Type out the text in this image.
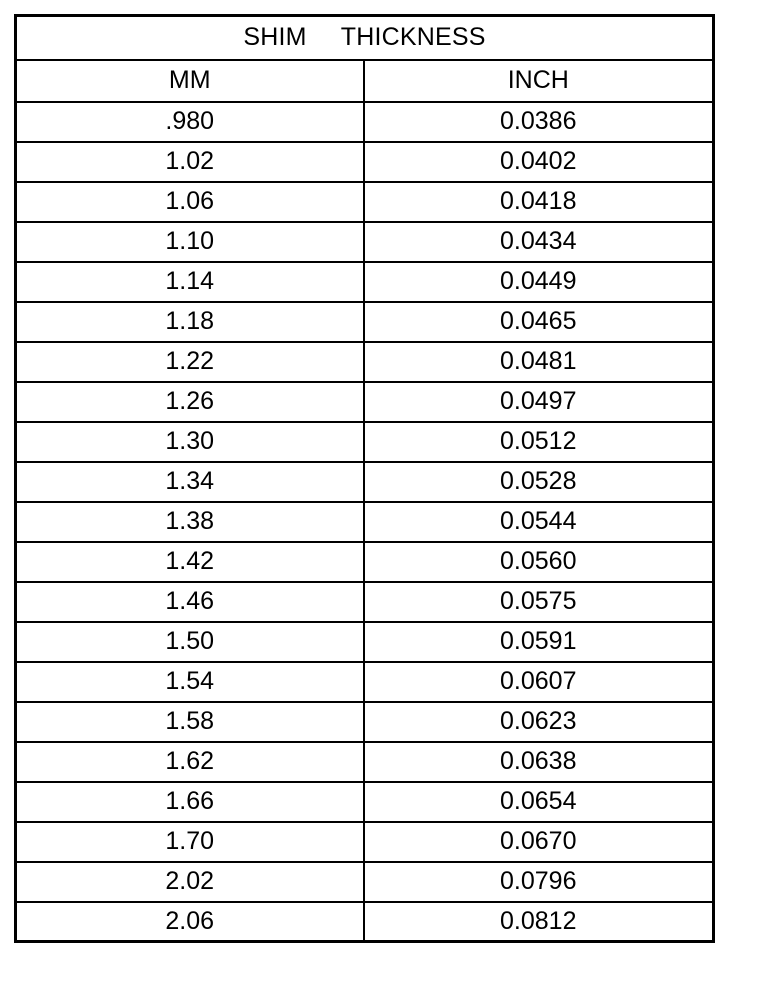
SHIM THICKNESS	
MM	INCH
.980	0.0386
1.02	0.0402
1.06	0.0418
1.10	0.0434
1.14	0.0449
1.18	0.0465
1.22	0.0481
1.26	0.0497
1.30	0.0512
1.34	0.0528
1.38	0.0544
1.42	0.0560
1.46	0.0575
1.50	0.0591
1.54	0.0607
1.58	0.0623
1.62	0.0638
1.66	0.0654
1.70	0.0670
2.02	0.0796
2.06	0.0812
